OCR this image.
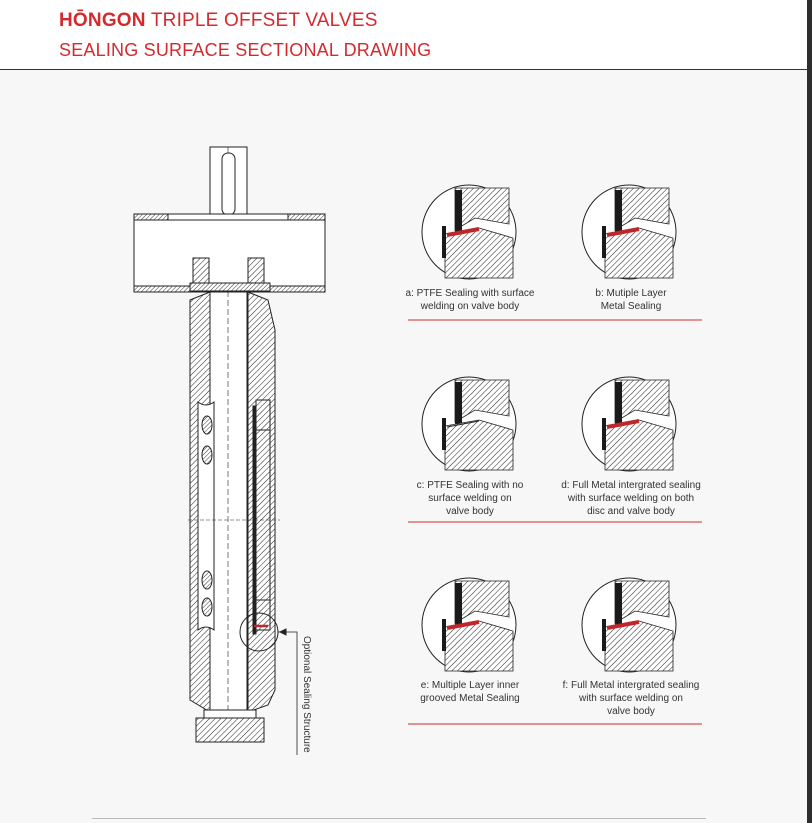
HŌNGON TRIPLE OFFSET VALVES
SEALING SURFACE SECTIONAL DRAWING
Optional Sealing Structure
a: PTFE Sealing with surface
welding on valve body
b: Mutiple Layer
Metal Sealing
c: PTFE Sealing with no
surface welding on
valve body
d: Full Metal intergrated sealing
with surface welding on both
disc and valve body
e: Multiple Layer inner
grooved Metal Sealing
f: Full Metal intergrated sealing
with surface welding on
valve body
